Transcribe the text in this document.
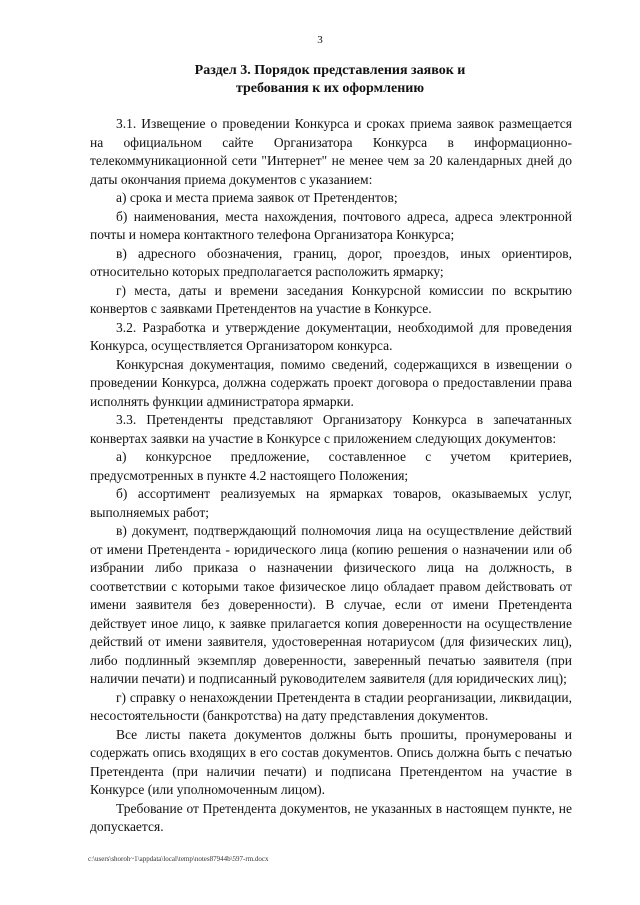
3
Раздел 3. Порядок представления заявок и
требования к их оформлению

3.1. Извещение о проведении Конкурса и сроках приема заявок размещается на официальном сайте Организатора Конкурса в информационно-телекоммуникационной сети "Интернет" не менее чем за 20 календарных дней до даты окончания приема документов с указанием:

а) срока и места приема заявок от Претендентов;

б) наименования, места нахождения, почтового адреса, адреса электронной почты и номера контактного телефона Организатора Конкурса;

в) адресного обозначения, границ, дорог, проездов, иных ориентиров, относительно которых предполагается расположить ярмарку;

г) места, даты и времени заседания Конкурсной комиссии по вскрытию конвертов с заявками Претендентов на участие в Конкурсе.

3.2. Разработка и утверждение документации, необходимой для проведения Конкурса, осуществляется Организатором конкурса.

Конкурсная документация, помимо сведений, содержащихся в извещении о проведении Конкурса, должна содержать проект договора о предоставлении права исполнять функции администратора ярмарки.

3.3. Претенденты представляют Организатору Конкурса в запечатанных конвертах заявки на участие в Конкурсе с приложением следующих документов:

а) конкурсное предложение, составленное с учетом критериев, предусмотренных в пункте 4.2 настоящего Положения;

б) ассортимент реализуемых на ярмарках товаров, оказываемых услуг, выполняемых работ;

в) документ, подтверждающий полномочия лица на осуществление действий от имени Претендента - юридического лица (копию решения о назначении или об избрании либо приказа о назначении физического лица на должность, в соответствии с которыми такое физическое лицо обладает правом действовать от имени заявителя без доверенности). В случае, если от имени Претендента действует иное лицо, к заявке прилагается копия доверенности на осуществление действий от имени заявителя, удостоверенная нотариусом (для физических лиц), либо подлинный экземпляр доверенности, заверенный печатью заявителя (при наличии печати) и подписанный руководителем заявителя (для юридических лиц);

г) справку о ненахождении Претендента в стадии реорганизации, ликвидации, несостоятельности (банкротства) на дату представления документов.

Все листы пакета документов должны быть прошиты, пронумерованы и содержать опись входящих в его состав документов. Опись должна быть с печатью Претендента (при наличии печати) и подписана Претендентом на участие в Конкурсе (или уполномоченным лицом).

Требование от Претендента документов, не указанных в настоящем пункте, не допускается.

c:\users\shoroh~1\appdata\local\temp\notes87944b\597-rm.docx
